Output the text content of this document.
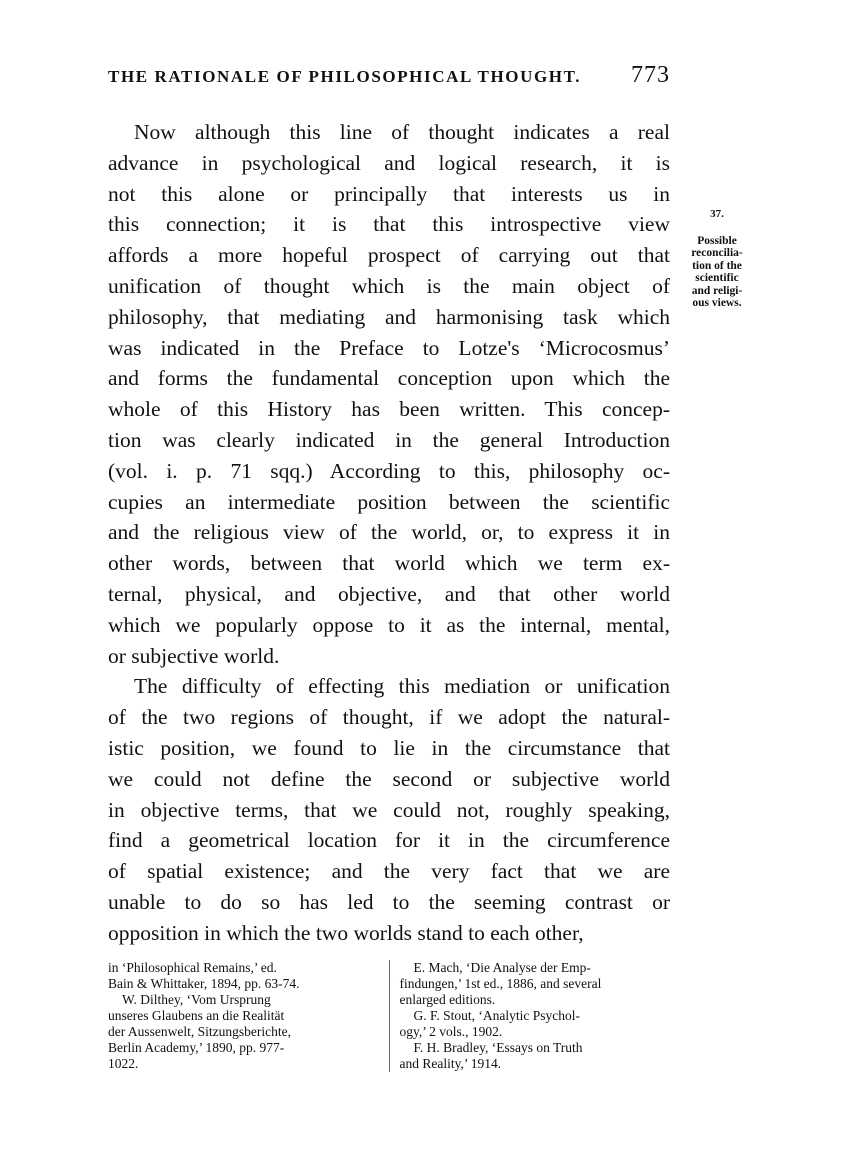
THE RATIONALE OF PHILOSOPHICAL THOUGHT. 773

Now although this line of thought indicates a real
advance in psychological and logical research, it is
not this alone or principally that interests us in
this connection; it is that this introspective view
affords a more hopeful prospect of carrying out that
unification of thought which is the main object of
philosophy, that mediating and harmonising task which
was indicated in the Preface to Lotze's ‘Microcosmus’
and forms the fundamental conception upon which the
whole of this History has been written. This concep-
tion was clearly indicated in the general Introduction
(vol. i. p. 71 sqq.) According to this, philosophy oc-
cupies an intermediate position between the scientific
and the religious view of the world, or, to express it in
other words, between that world which we term ex-
ternal, physical, and objective, and that other world
which we popularly oppose to it as the internal, mental,
or subjective world.

The difficulty of effecting this mediation or unification
of the two regions of thought, if we adopt the natural-
istic position, we found to lie in the circumstance that
we could not define the second or subjective world
in objective terms, that we could not, roughly speaking,
find a geometrical location for it in the circumference
of spatial existence; and the very fact that we are
unable to do so has led to the seeming contrast or
opposition in which the two worlds stand to each other,

37.
Possible
reconcilia-
tion of the
scientific
and religi-
ous views.

in ‘Philosophical Remains,’ ed.
Bain & Whittaker, 1894, pp. 63-74.

W. Dilthey, ‘Vom Ursprung
unseres Glaubens an die Realität
der Aussenwelt, Sitzungsberichte,
Berlin Academy,’ 1890, pp. 977-
1022.

E. Mach, ‘Die Analyse der Emp-
findungen,’ 1st ed., 1886, and several
enlarged editions.

G. F. Stout, ‘Analytic Psychol-
ogy,’ 2 vols., 1902.

F. H. Bradley, ‘Essays on Truth
and Reality,’ 1914.
